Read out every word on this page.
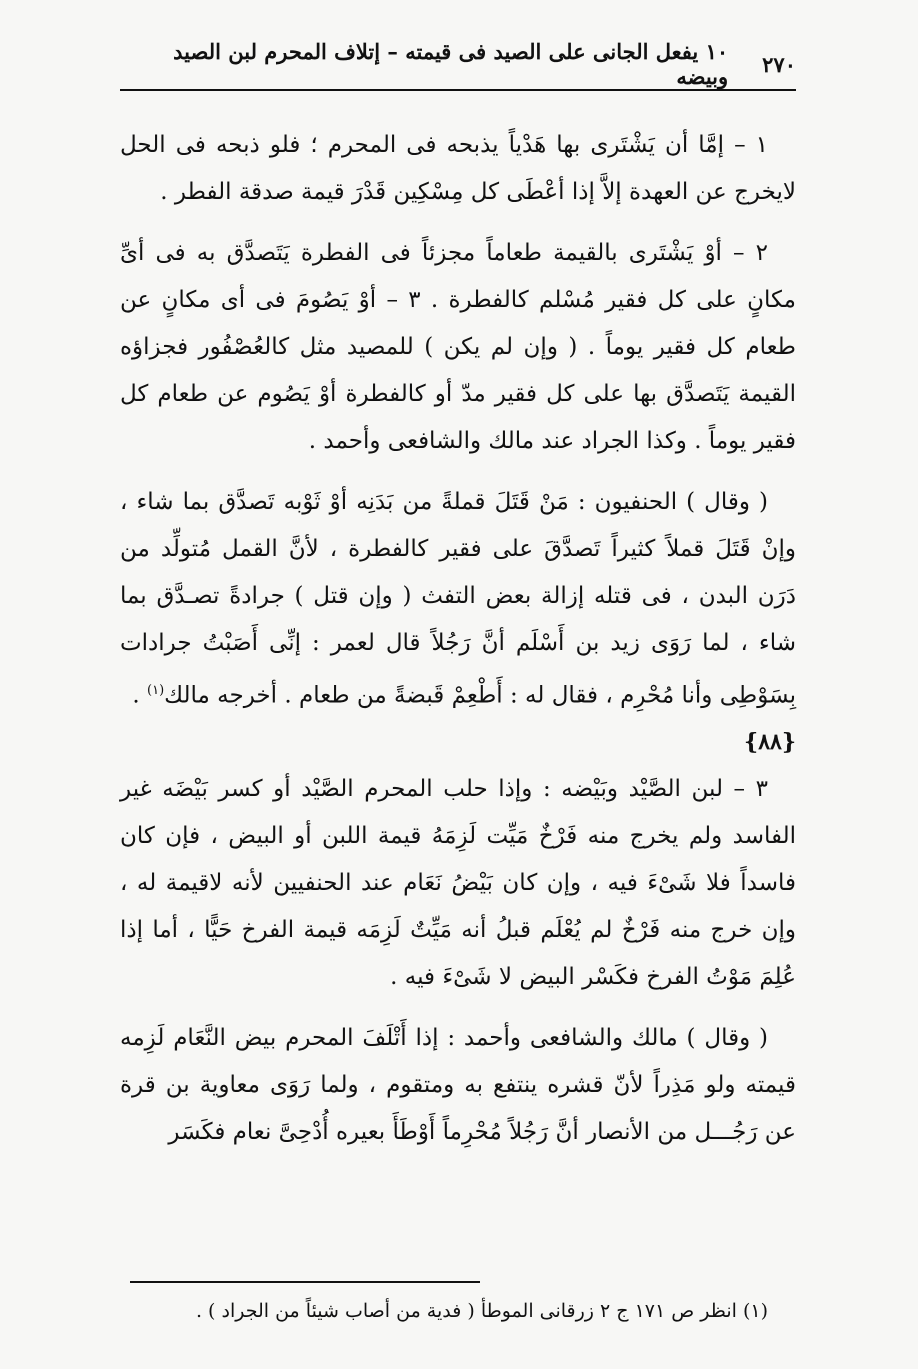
٢٧٠
١٠ يفعل الجانى على الصيد فى قيمته – إتلاف المحرم لبن الصيد وبيضه

١ – إمَّا أن يَشْتَرى بها هَدْياً يذبحه فى المحرم ؛ فلو ذبحه فى الحل لايخرج عن العهدة إلاَّ إذا أعْطَى كل مِسْكِين قَدْرَ قيمة صدقة الفطر .

٢ – أوْ يَشْتَرى بالقيمة طعاماً مجزئاً فى الفطرة يَتَصدَّق به فى أىِّ مكانٍ على كل فقير مُسْلم كالفطرة . ٣ – أوْ يَصُومَ فى أى مكانٍ عن طعام كل فقير يوماً . ( وإن لم يكن ) للمصيد مثل كالعُصْفُور فجزاؤه القيمة يَتَصدَّق بها على كل فقير مدّ أو كالفطرة أوْ يَصُوم عن طعام كل فقير يوماً . وكذا الجراد عند مالك والشافعى وأحمد .

( وقال ) الحنفيون : مَنْ قَتَلَ قملةً من بَدَنِه أوْ ثَوْبه تَصدَّق بما شاء ، وإنْ قَتَلَ قملاً كثيراً تَصدَّقَ على فقير كالفطرة ، لأنَّ القمل مُتولِّد من دَرَن البدن ، فى قتله إزالة بعض التفث ( وإن قتل ) جرادةً تصـدَّق بما شاء ، لما رَوَى زيد بن أَسْلَم أنَّ رَجُلاً قال لعمر : إنِّى أَصَبْتُ جرادات بِسَوْطِى وأنا مُحْرِم ، فقال له : أَطْعِمْ قَبضةً من طعام . أخرجه مالك$^{(١)}$ .

{٨٨}

٣ – لبن الصَّيْد وبَيْضه : وإذا حلب المحرم الصَّيْد أو كسر بَيْضَه غير الفاسد ولم يخرج منه فَرْخٌ مَيِّت لَزِمَهُ قيمة اللبن أو البيض ، فإن كان فاسداً فلا شَىْءَ فيه ، وإن كان بَيْضُ نَعَام عند الحنفيين لأنه لاقيمة له ، وإن خرج منه فَرْخٌ لم يُعْلَم قبلُ أنه مَيِّتٌ لَزِمَه قيمة الفرخ حَيًّا ، أما إذا عُلِمَ مَوْتُ الفرخ فكَسْر البيض لا شَىْءَ فيه .

( وقال ) مالك والشافعى وأحمد : إذا أَتْلَفَ المحرم بيض النَّعَام لَزِمه قيمته ولو مَذِراً لأنّ قشره ينتفع به ومتقوم ، ولما رَوَى معاوية بن قرة عن رَجُـــل من الأنصار أنَّ رَجُلاً مُحْرِماً أَوْطَأَ بعيره أُدْحِىَّ نعام فكَسَر

(١) انظر ص ١٧١ ج ٢ زرقانى الموطأ ( فدية من أصاب شيئاً من الجراد ) .
